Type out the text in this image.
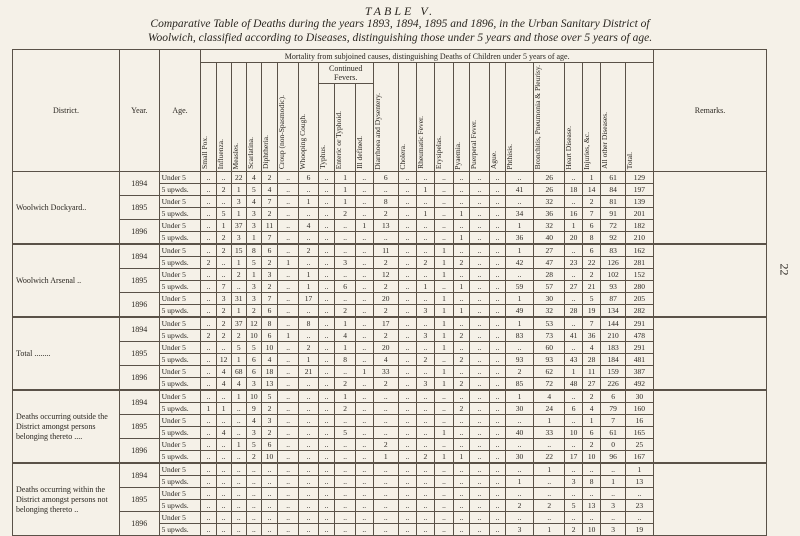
TABLE V.
Comparative Table of Deaths during the years 1893, 1894, 1895 and 1896, in the Urban Sanitary District of
Woolwich, classified according to Diseases, distinguishing those under 5 years and those over 5 years of age.
District.	Year.	Age.	Mortality from subjoined causes, distinguishing Deaths of Children under 5 years of age.																							Remarks.

			Small Pox.	Influenza.	Measles.	Scarlatina.	Diphtheria.	Croup (non-Spasmodic).	Whooping Cough.	Continued Fevers.			Diarrhoea and Dysentery.	Cholera.	Rheumatic Fever.	Erysipelas.	Pyaemia.	Puerperal Fever.	Ague.	Phthisis.	Bronchitis, Pneumonia & Pleurisy.	Heart Disease.	Injuries, &c.	All other Diseases.	Total.	

										Typhus.	Enteric or Typhoid.	Ill defined.														

Woolwich Dockyard..	1894	Under 5	..	..	22	4	2	..	6	..	1	..	6	..	..	..	..	..	..	..	26	..	1	61	129	
		5 upwds.	..	2	1	5	4	..	..	..	1	..	..	..	1	..	..	..	..	41	26	18	14	84	197	
	1895	Under 5	..	..	3	4	7	..	1	..	1	..	8	..	..	..	..	..	..	..	32	..	2	81	139	
		5 upwds.	..	5	1	3	2	..	..	..	2	..	2	..	1	..	1	..	..	34	36	16	7	91	201	
	1896	Under 5	..	1	37	3	11	..	4	..	..	1	13	..	..	..	..	..	..	1	32	1	6	72	182	
		5 upwds.	..	2	3	1	7	..	..	..	..	..	..	..	..	..	1	..	..	36	40	20	8	92	210	
Woolwich Arsenal ..	1894	Under 5	..	2	15	8	6	..	2	..	..	..	11	..	..	1	..	..	..	1	27	..	6	83	162	
		5 upwds.	2	..	1	5	2	1	..	..	3	..	2	..	2	1	2	..	..	42	47	23	22	126	281	
	1895	Under 5	..	..	2	1	3	..	1	..	..	..	12	..	..	1	..	..	..	..	28	..	2	102	152	
		5 upwds.	..	7	..	3	2	..	1	..	6	..	2	..	1	..	1	..	..	59	57	27	21	93	280	
	1896	Under 5	..	3	31	3	7	..	17	..	..	..	20	..	..	1	..	..	..	1	30	..	5	87	205	
		5 upwds.	..	2	1	2	6	..	..	..	2	..	2	..	3	1	1	..	..	49	32	28	19	134	282	
Total ........	1894	Under 5	..	2	37	12	8	..	8	..	1	..	17	..	..	1	..	..	..	1	53	..	7	144	291	
		5 upwds.	2	2	2	10	6	1	..	..	4	..	2	..	3	1	2	..	..	83	73	41	36	210	478	
	1895	Under 5	..	..	5	5	10	..	2	..	1	..	20	..	..	1	..	..	..	..	60	..	4	183	291	
		5 upwds.	..	12	1	6	4	..	1	..	8	..	4	..	2	..	2	..	..	93	93	43	28	184	481	
	1896	Under 5	..	4	68	6	18	..	21	..	..	1	33	..	..	1	..	..	..	2	62	1	11	159	387	
		5 upwds.	..	4	4	3	13	..	..	..	2	..	2	..	3	1	2	..	..	85	72	48	27	226	492	
Deaths occurring outside the District amongst persons belonging thereto ....	1894	Under 5	..	..	1	10	5	..	..	..	1	..	..	..	..	..	..	..	..	1	4	..	2	6	30	
		5 upwds.	1	1	..	9	2	..	..	..	2	..	..	..	..	..	2	..	..	30	24	6	4	79	160	
	1895	Under 5	..	..	..	4	3	..	..	..	..	..	..	..	..	..	..	..	..	..	1	..	1	7	16	
		5 upwds.	..	4	..	3	2	..	..	..	5	..	..	..	..	1	..	..	..	40	33	10	6	61	165	
	1896	Under 5	..	..	1	5	6	..	..	..	..	..	2	..	..	..	..	..	..	..	..	..	2	0	25	
		5 upwds.	..	..	..	2	10	..	..	..	..	..	1	..	2	1	1	..	..	30	22	17	10	96	167	
Deaths occurring within the District amongst persons not belonging thereto ..	1894	Under 5	..	..	..	..	..	..	..	..	..	..	..	..	..	..	..	..	..	..	1	..	..	..	1	
		5 upwds.	..	..	..	..	..	..	..	..	..	..	..	..	..	..	..	..	..	1	..	3	8	1	13	
	1895	Under 5	..	..	..	..	..	..	..	..	..	..	..	..	..	..	..	..	..	..	..	..	..	..	..	
		5 upwds.	..	..	..	..	..	..	..	..	..	..	..	..	..	..	..	..	..	2	2	5	13	3	23	
	1896	Under 5	..	..	..	..	..	..	..	..	..	..	..	..	..	..	..	..	..	..	..	..	..	..	..	
		5 upwds.	..	..	..	..	..	..	..	..	..	..	..	..	..	..	..	..	..	3	1	2	10	3	19	
22
